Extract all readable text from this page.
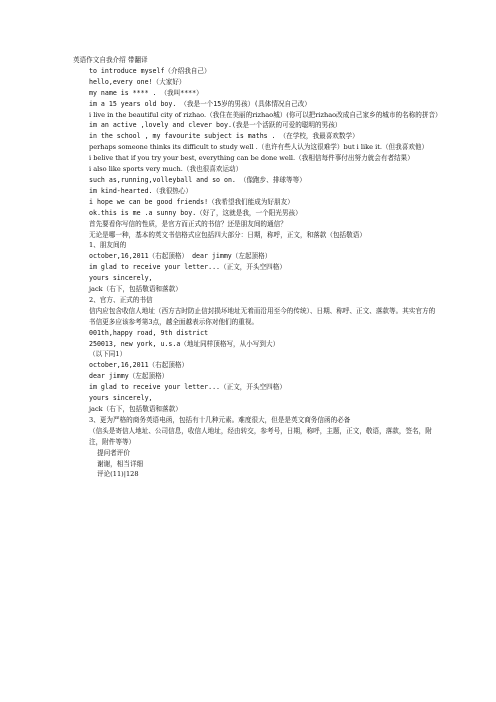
英语作文自我介绍 带翻译
to introduce myself（介绍我自己）
hello,every one!（大家好）
my name is **** . （我叫****）
im a 15 years old boy. （我是一个15岁的男孩）(具体情况自己改）
i live in the beautiful city of rizhao.（我住在美丽的rizhao城）(你可以把rizhao改成自己家乡的城市的名称的拼音）
im an active ,lovely and clever boy.(我是一个活跃的可爱的聪明的男孩）
in the school , my favourite subject is maths . （在学校，我最喜欢数学）
perhaps someone thinks its difficult to study well .（也许有些人认为这很难学）but i like it.（但我喜欢他）
i belive that if you try your best, everything can be done well.（我相信每件事付出努力就会有者结果）
i also like sports very much.（我也很喜欢运动）
such as,running,volleyball and so on. （像跑步、排球等等）
im kind-hearted.（我很热心）
i hope we can be good friends!（我希望我们能成为好朋友）
ok.this is me .a sunny boy.（好了，这就是我，一个阳光男孩）
首先要看你写信的性质，是官方而正式的书信？还是朋友间的通信？
无论是哪一种，基本的英文书信格式应包括四大部分：日期，称呼，正文，和落款（包括敬语）
1、朋友间的
october,16,2011（右起顶格） dear jimmy（左起顶格）
im glad to receive your letter...（正文，开头空四格）
yours sincerely,
jack（右下，包括敬语和落款）
2、官方、正式的书信
信内应包含收信人地址（西方古时防止信封损坏地址无着而沿用至今的传统）、日期、称呼、正文、落款等。其实官方的书信更多应该参考第3点，越全面越表示你对他们的重视。
001th,happy road, 9th district
250013, new york, u.s.a（地址同样顶格写，从小写到大）
（以下同1）
october,16,2011（右起顶格）
dear jimmy（左起顶格）
im glad to receive your letter...（正文，开头空四格）
yours sincerely,
jack（右下，包括敬语和落款）
3、更为严格的商务英语电函，包括有十几种元素。难度很大，但是是英文商务信函的必备
（信头是寄信人地址、公司信息，收信人地址，经由转交，参考号，日期，称呼，主题，正文，敬语，落款，签名，附注，附件等等）
提问者评价
谢谢，相当详细
评论(11)|128
